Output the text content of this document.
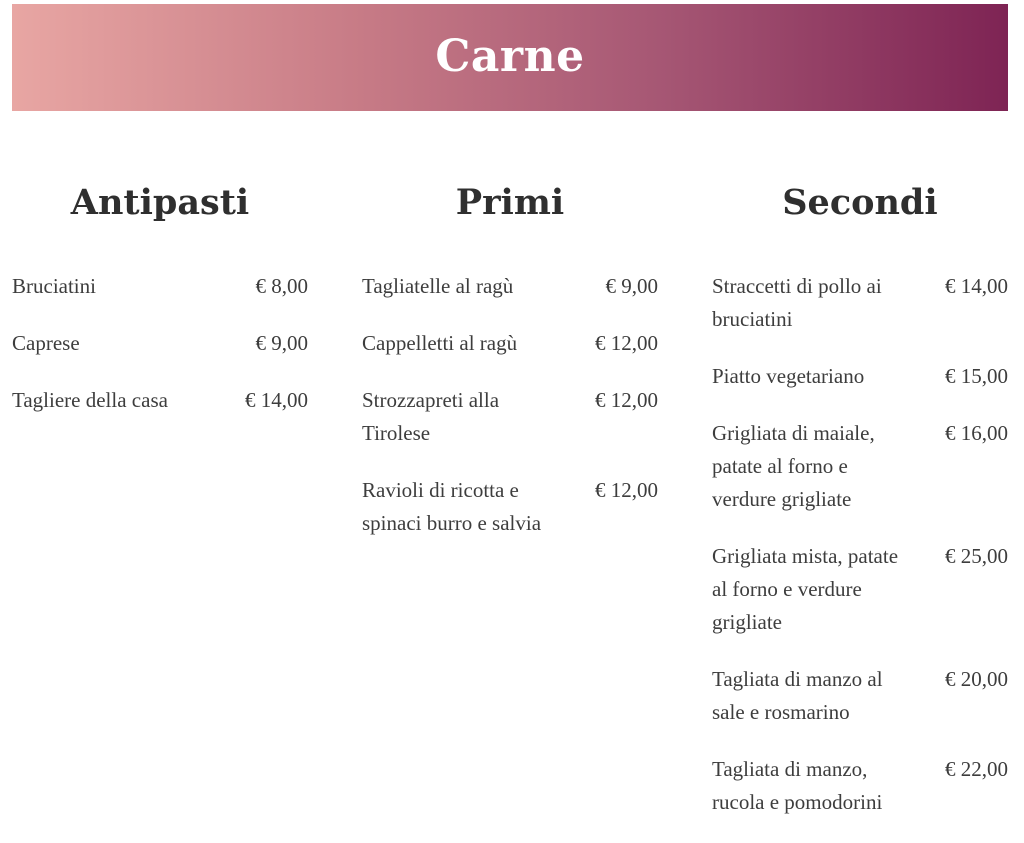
Carne
Antipasti
Bruciatini	€ 8,00
Caprese	€ 9,00
Tagliere della casa	€ 14,00
Primi
Tagliatelle al ragù	€ 9,00
Cappelletti al ragù	€ 12,00
Strozzapreti alla Tirolese
€ 12,00
Ravioli di ricotta e spinaci burro e salvia
€ 12,00
Secondi
Straccetti di pollo ai bruciatini
€ 14,00
Piatto vegetariano	€ 15,00
Grigliata di maiale, patate al forno e verdure grigliate
€ 16,00
Grigliata mista, patate al forno e verdure grigliate
€ 25,00
Tagliata di manzo al sale e rosmarino
€ 20,00
Tagliata di manzo, rucola e pomodorini
€ 22,00
